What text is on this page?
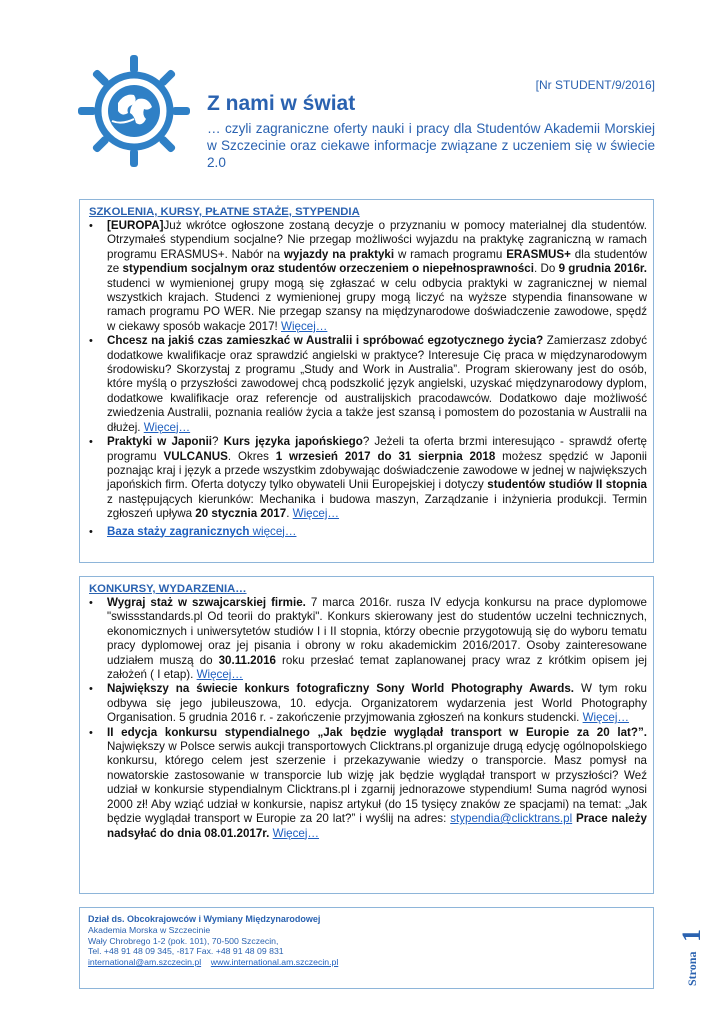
[Nr STUDENT/9/2016]
Z nami w świat

… czyli zagraniczne oferty nauki i pracy dla Studentów Akademii Morskiej w Szczecinie oraz ciekawe informacje związane z uczeniem się w świecie 2.0

SZKOLENIA, KURSY, PŁATNE STAŻE, STYPENDIA
• [EUROPA]Już wkrótce ogłoszone zostaną decyzje o przyznaniu w pomocy materialnej dla studentów. Otrzymałeś stypendium socjalne? Nie przegap możliwości wyjazdu na praktykę zagraniczną w ramach programu ERASMUS+. Nabór na wyjazdy na praktyki w ramach programu ERASMUS+ dla studentów ze stypendium socjalnym oraz studentów orzeczeniem o niepełnosprawności. Do 9 grudnia 2016r. studenci w wymienionej grupy mogą się zgłaszać w celu odbycia praktyki w zagranicznej w niemal wszystkich krajach. Studenci z wymienionej grupy mogą liczyć na wyższe stypendia finansowane w ramach programu PO WER. Nie przegap szansy na międzynarodowe doświadczenie zawodowe, spędź w ciekawy sposób wakacje 2017! Więcej…
• Chcesz na jakiś czas zamieszkać w Australii i spróbować egzotycznego życia? Zamierzasz zdobyć dodatkowe kwalifikacje oraz sprawdzić angielski w praktyce? Interesuje Cię praca w międzynarodowym środowisku? Skorzystaj z programu „Study and Work in Australia”. Program skierowany jest do osób, które myślą o przyszłości zawodowej chcą podszkolić język angielski, uzyskać międzynarodowy dyplom, dodatkowe kwalifikacje oraz referencje od australijskich pracodawców. Dodatkowo daje możliwość zwiedzenia Australii, poznania realiów życia a także jest szansą i pomostem do pozostania w Australii na dłużej. Więcej…
• Praktyki w Japonii? Kurs języka japońskiego? Jeżeli ta oferta brzmi interesująco - sprawdź ofertę programu VULCANUS. Okres 1 wrzesień 2017 do 31 sierpnia 2018 możesz spędzić w Japonii poznając kraj i język a przede wszystkim zdobywając doświadczenie zawodowe w jednej w największych japońskich firm. Oferta dotyczy tylko obywateli Unii Europejskiej i dotyczy studentów studiów II stopnia z następujących kierunków: Mechanika i budowa maszyn, Zarządzanie i inżynieria produkcji. Termin zgłoszeń upływa 20 stycznia 2017. Więcej…
• Baza staży zagranicznych więcej…
KONKURSY, WYDARZENIA…
• Wygraj staż w szwajcarskiej firmie. 7 marca 2016r. rusza IV edycja konkursu na prace dyplomowe "swissstandards.pl Od teorii do praktyki". Konkurs skierowany jest do studentów uczelni technicznych, ekonomicznych i uniwersytetów studiów I i II stopnia, którzy obecnie przygotowują się do wyboru tematu pracy dyplomowej oraz jej pisania i obrony w roku akademickim 2016/2017. Osoby zainteresowane udziałem muszą do 30.11.2016 roku przesłać temat zaplanowanej pracy wraz z krótkim opisem jej założeń ( I etap). Więcej…
• Największy na świecie konkurs fotograficzny Sony World Photography Awards. W tym roku odbywa się jego jubileuszowa, 10. edycja. Organizatorem wydarzenia jest World Photography Organisation. 5 grudnia 2016 r. - zakończenie przyjmowania zgłoszeń na konkurs studencki. Więcej…
• II edycja konkursu stypendialnego „Jak będzie wyglądał transport w Europie za 20 lat?”. Największy w Polsce serwis aukcji transportowych Clicktrans.pl organizuje drugą edycję ogólnopolskiego konkursu, którego celem jest szerzenie i przekazywanie wiedzy o transporcie. Masz pomysł na nowatorskie zastosowanie w transporcie lub wizję jak będzie wyglądał transport w przyszłości? Weź udział w konkursie stypendialnym Clicktrans.pl i zgarnij jednorazowe stypendium! Suma nagród wynosi 2000 zł! Aby wziąć udział w konkursie, napisz artykuł (do 15 tysięcy znaków ze spacjami) na temat: „Jak będzie wyglądał transport w Europie za 20 lat?” i wyślij na adres: stypendia@clicktrans.pl Prace należy nadsyłać do dnia 08.01.2017r. Więcej…

Dział ds. Obcokrajowców i Wymiany Międzynarodowej

Akademia Morska w Szczecinie

Wały Chrobrego 1-2 (pok. 101), 70-500 Szczecin,

Tel. +48 91 48 09 345, -817 Fax. +48 91 48 09 831

international@am.szczecin.pl www.international.am.szczecin.pl	Strona
1
